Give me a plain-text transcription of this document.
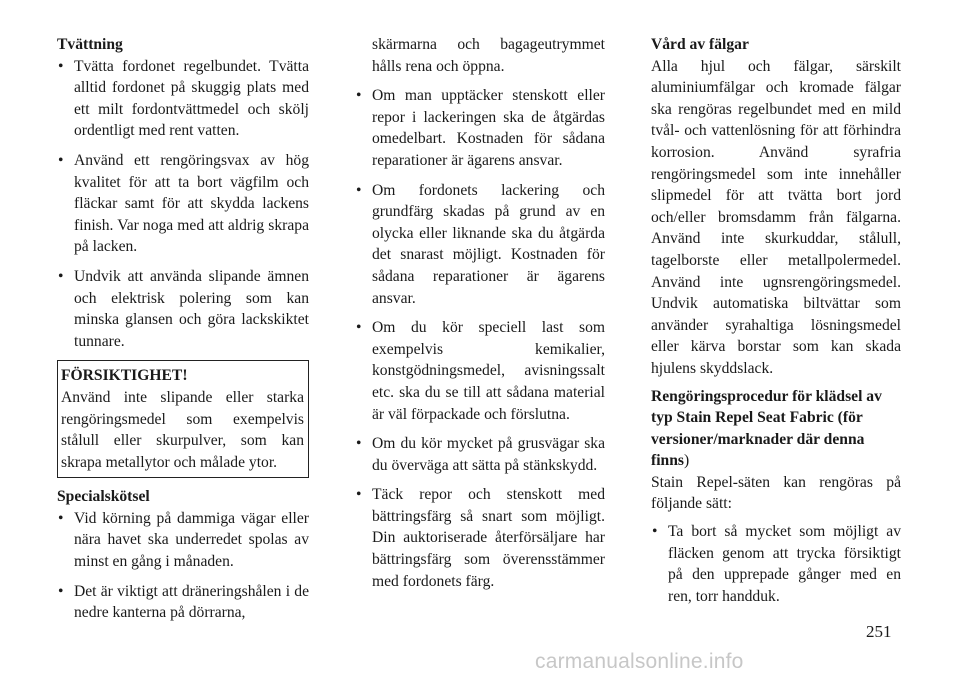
Tvättning

• Tvätta fordonet regelbundet. Tvätta alltid fordonet på skuggig plats med ett milt fordontvättmedel och skölj ordentligt med rent vatten.
• Använd ett rengöringsvax av hög kvalitet för att ta bort vägfilm och fläckar samt för att skydda lackens finish. Var noga med att aldrig skrapa på lacken.
• Undvik att använda slipande ämnen och elektrisk polering som kan minska glansen och göra lackskiktet tunnare.
FÖRSIKTIGHET!
Använd inte slipande eller starka rengöringsmedel som exempelvis stålull eller skurpulver, som kan skrapa metallytor och målade ytor.

Specialskötsel

• Vid körning på dammiga vägar eller nära havet ska underredet spolas av minst en gång i månaden.
• Det är viktigt att dräneringshålen i de nedre kanterna på dörrarna,

skärmarna och bagageutrymmet hålls rena och öppna.

• Om man upptäcker stenskott eller repor i lackeringen ska de åtgärdas omedelbart. Kostnaden för sådana reparationer är ägarens ansvar.
• Om fordonets lackering och grundfärg skadas på grund av en olycka eller liknande ska du åtgärda det snarast möjligt. Kostnaden för sådana reparationer är ägarens ansvar.
• Om du kör speciell last som exempelvis kemikalier, konstgödningsmedel, avisningssalt etc. ska du se till att sådana material är väl förpackade och förslutna.
• Om du kör mycket på grusvägar ska du överväga att sätta på stänkskydd.
• Täck repor och stenskott med bättringsfärg så snart som möjligt. Din auktoriserade återförsäljare har bättringsfärg som överensstämmer med fordonets färg.

Vård av fälgar

Alla hjul och fälgar, särskilt aluminiumfälgar och kromade fälgar ska rengöras regelbundet med en mild tvål- och vattenlösning för att förhindra korrosion. Använd syrafria rengöringsmedel som inte innehåller slipmedel för att tvätta bort jord och/eller bromsdamm från fälgarna. Använd inte skurkuddar, stålull, tagelborste eller metallpolermedel. Använd inte ugnsrengöringsmedel. Undvik automatiska biltvättar som använder syrahaltiga lösningsmedel eller kärva borstar som kan skada hjulens skyddslack.

Rengöringsprocedur för klädsel av typ Stain Repel Seat Fabric (för versioner/marknader där denna finns)

Stain Repel-säten kan rengöras på följande sätt:

• Ta bort så mycket som möjligt av fläcken genom att trycka försiktigt på den upprepade gånger med en ren, torr handduk.
251
carmanualsonline.info
